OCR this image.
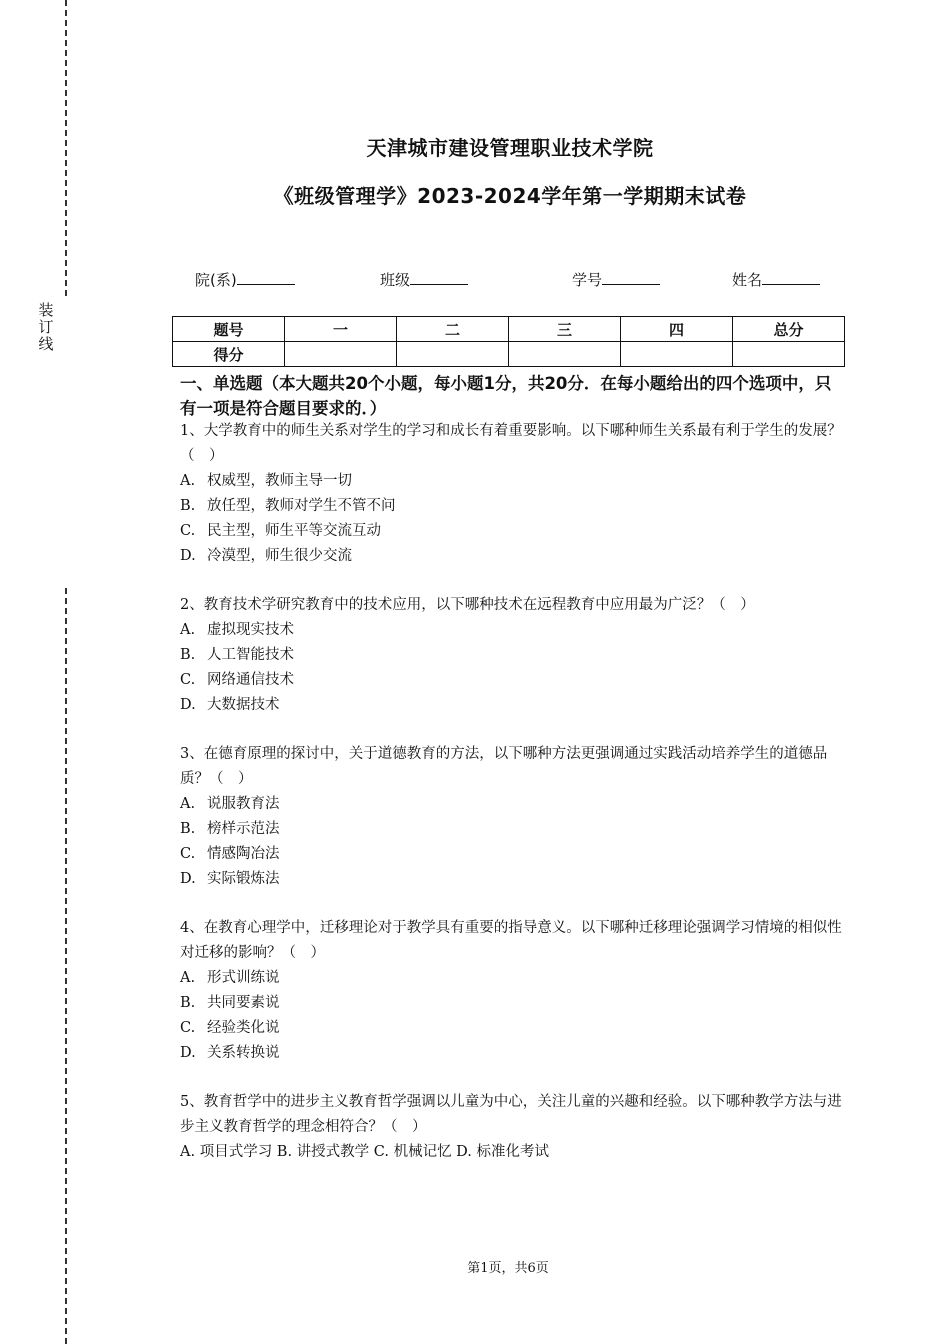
装
订
线
天津城市建设管理职业技术学院
《班级管理学》2023-2024学年第一学期期末试卷
院(系)	班级	学号	姓名
题号	一	二	三	四	总分
得分					
一、单选题（本大题共20个小题，每小题1分，共20分．在每小题给出的四个选项中，只有一项是符合题目要求的．）

1、大学教育中的师生关系对学生的学习和成长有着重要影响。以下哪种师生关系最有利于学生的发展？（　）

A. 权威型，教师主导一切

B. 放任型，教师对学生不管不问

C. 民主型，师生平等交流互动

D. 冷漠型，师生很少交流

2、教育技术学研究教育中的技术应用，以下哪种技术在远程教育中应用最为广泛？（　）

A. 虚拟现实技术

B. 人工智能技术

C. 网络通信技术

D. 大数据技术

3、在德育原理的探讨中，关于道德教育的方法，以下哪种方法更强调通过实践活动培养学生的道德品质？（　）

A. 说服教育法

B. 榜样示范法

C. 情感陶冶法

D. 实际锻炼法

4、在教育心理学中，迁移理论对于教学具有重要的指导意义。以下哪种迁移理论强调学习情境的相似性对迁移的影响？（　）

A. 形式训练说

B. 共同要素说

C. 经验类化说

D. 关系转换说

5、教育哲学中的进步主义教育哲学强调以儿童为中心，关注儿童的兴趣和经验。以下哪种教学方法与进步主义教育哲学的理念相符合？（　）

A. 项目式学习 B. 讲授式教学 C. 机械记忆 D. 标准化考试

第1页，共6页
